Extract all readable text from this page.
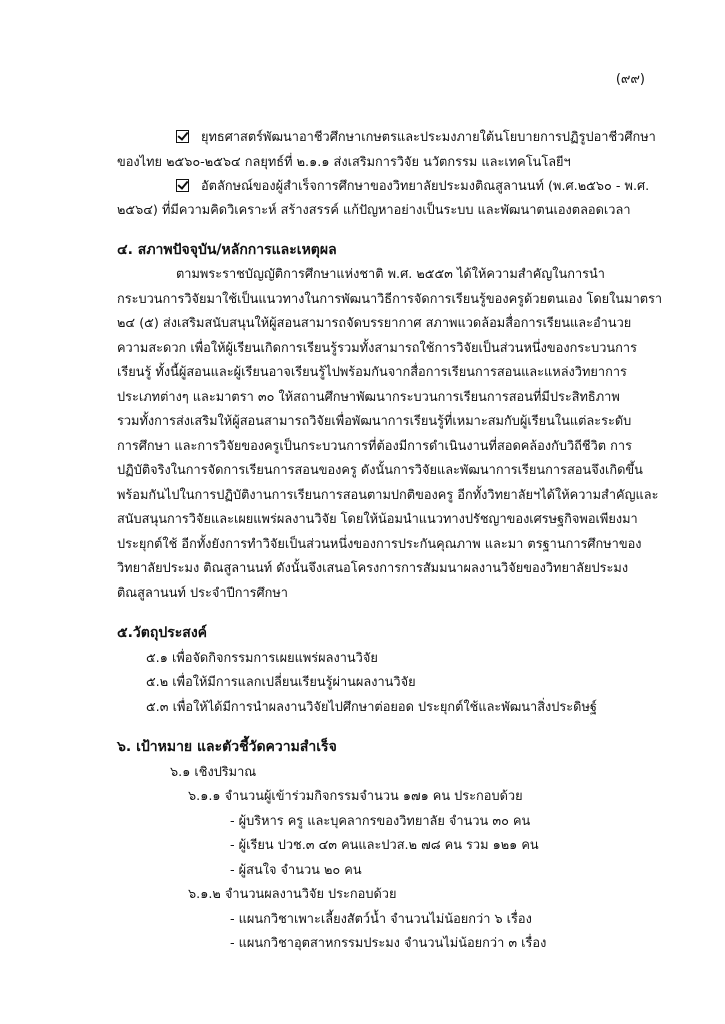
(๙๙)
ยุทธศาสตร์พัฒนาอาชีวศึกษาเกษตรและประมงภายใต้นโยบายการปฏิรูปอาชีวศึกษา
ของไทย ๒๕๖๐-๒๕๖๔ กลยุทธ์ที่ ๒.๑.๑ ส่งเสริมการวิจัย นวัตกรรม และเทคโนโลยีฯ
อัตลักษณ์ของผู้สำเร็จการศึกษาของวิทยาลัยประมงติณสูลานนท์ (พ.ศ.๒๕๖๐ - พ.ศ.
๒๕๖๔) ที่มีความคิดวิเคราะห์ สร้างสรรค์ แก้ปัญหาอย่างเป็นระบบ และพัฒนาตนเองตลอดเวลา
๔. สภาพปัจจุบัน/หลักการและเหตุผล
ตามพระราชบัญญัติการศึกษาแห่งชาติ พ.ศ. ๒๕๕๓ ได้ให้ความสำคัญในการนำ
กระบวนการวิจัยมาใช้เป็นแนวทางในการพัฒนาวิธีการจัดการเรียนรู้ของครูด้วยตนเอง โดยในมาตรา
๒๔ (๕) ส่งเสริมสนับสนุนให้ผู้สอนสามารถจัดบรรยากาศ สภาพแวดล้อมสื่อการเรียนและอำนวย
ความสะดวก เพื่อให้ผู้เรียนเกิดการเรียนรู้รวมทั้งสามารถใช้การวิจัยเป็นส่วนหนึ่งของกระบวนการ
เรียนรู้ ทั้งนี้ผู้สอนและผู้เรียนอาจเรียนรู้ไปพร้อมกันจากสื่อการเรียนการสอนและแหล่งวิทยาการ
ประเภทต่างๆ และมาตรา ๓๐ ให้สถานศึกษาพัฒนากระบวนการเรียนการสอนที่มีประสิทธิภาพ
รวมทั้งการส่งเสริมให้ผู้สอนสามารถวิจัยเพื่อพัฒนาการเรียนรู้ที่เหมาะสมกับผู้เรียนในแต่ละระดับ
การศึกษา และการวิจัยของครูเป็นกระบวนการที่ต้องมีการดำเนินงานที่สอดคล้องกับวิถีชีวิต การ
ปฏิบัติจริงในการจัดการเรียนการสอนของครู ดังนั้นการวิจัยและพัฒนาการเรียนการสอนจึงเกิดขึ้น
พร้อมกันไปในการปฏิบัติงานการเรียนการสอนตามปกติของครู อีกทั้งวิทยาลัยฯได้ให้ความสำคัญและ
สนับสนุนการวิจัยและเผยแพร่ผลงานวิจัย โดยให้น้อมนำแนวทางปรัชญาของเศรษฐกิจพอเพียงมา
ประยุกต์ใช้ อีกทั้งยังการทำวิจัยเป็นส่วนหนึ่งของการประกันคุณภาพ และมา ตรฐานการศึกษาของ
วิทยาลัยประมง ติณสูลานนท์ ดังนั้นจึงเสนอโครงการการสัมมนาผลงานวิจัยของวิทยาลัยประมง
ติณสูลานนท์ ประจำปีการศึกษา
๕.วัตถุประสงค์
๕.๑ เพื่อจัดกิจกรรมการเผยแพร่ผลงานวิจัย
๕.๒ เพื่อให้มีการแลกเปลี่ยนเรียนรู้ผ่านผลงานวิจัย
๕.๓ เพื่อให้ได้มีการนำผลงานวิจัยไปศึกษาต่อยอด ประยุกต์ใช้และพัฒนาสิ่งประดิษฐ์
๖. เป้าหมาย และตัวชี้วัดความสำเร็จ
๖.๑ เชิงปริมาณ
๖.๑.๑ จำนวนผู้เข้าร่วมกิจกรรมจำนวน ๑๗๑ คน ประกอบด้วย
- ผู้บริหาร ครู และบุคลากรของวิทยาลัย จำนวน ๓๐ คน
- ผู้เรียน ปวช.๓ ๔๓ คนและปวส.๒ ๗๘ คน รวม ๑๒๑ คน
- ผู้สนใจ จำนวน ๒๐ คน
๖.๑.๒ จำนวนผลงานวิจัย ประกอบด้วย
- แผนกวิชาเพาะเลี้ยงสัตว์น้ำ จำนวนไม่น้อยกว่า ๖ เรื่อง
- แผนกวิชาอุตสาหกรรมประมง จำนวนไม่น้อยกว่า ๓ เรื่อง
